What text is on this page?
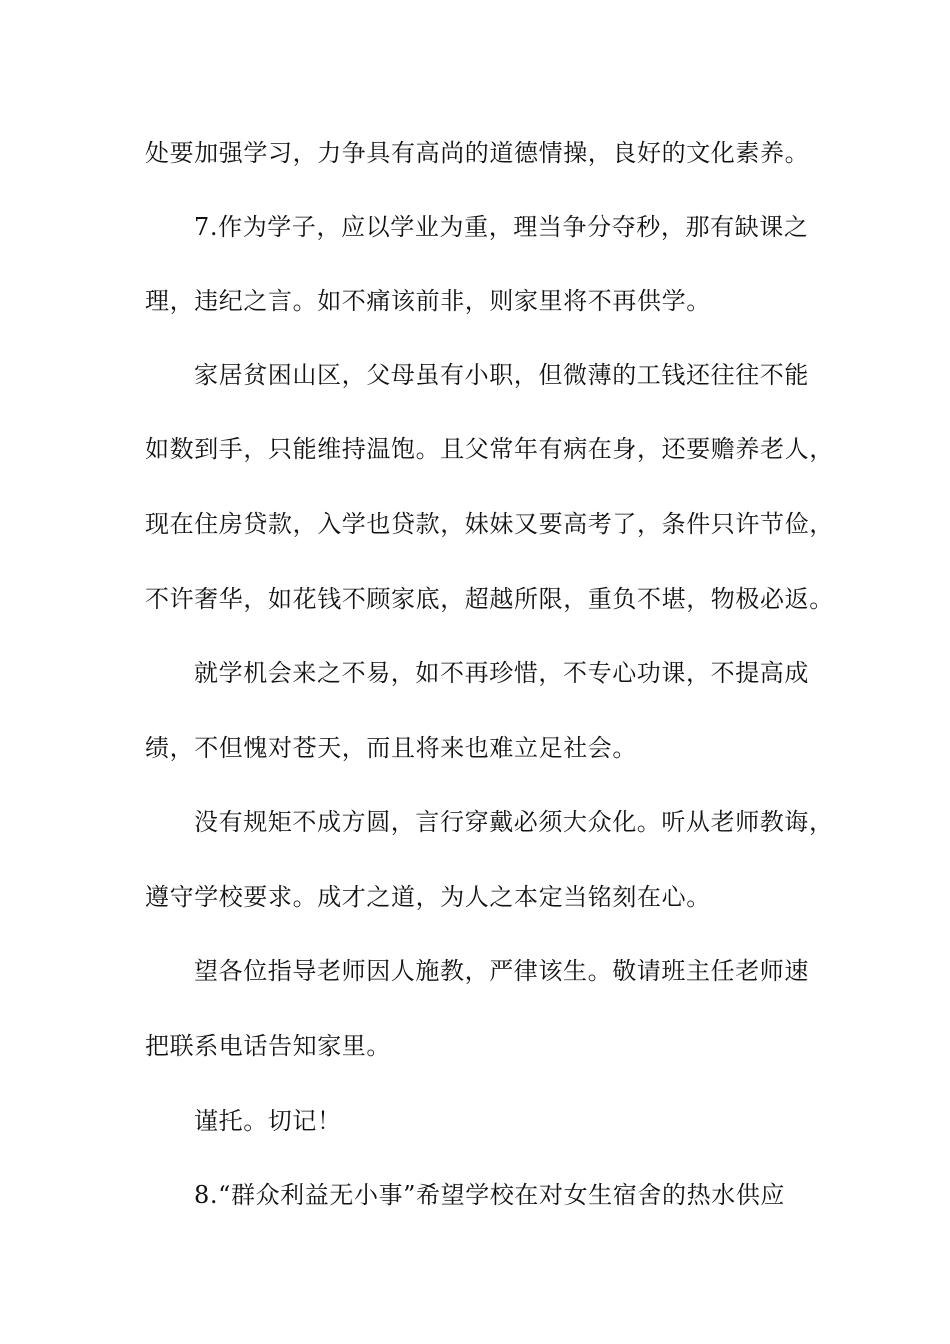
处要加强学习，力争具有高尚的道德情操，良好的文化素养。
7.作为学子，应以学业为重，理当争分夺秒，那有缺课之
理，违纪之言。如不痛该前非，则家里将不再供学。
家居贫困山区，父母虽有小职，但微薄的工钱还往往不能
如数到手，只能维持温饱。且父常年有病在身，还要赡养老人，
现在住房贷款，入学也贷款，妹妹又要高考了，条件只许节俭，
不许奢华，如花钱不顾家底，超越所限，重负不堪，物极必返。
就学机会来之不易，如不再珍惜，不专心功课，不提高成
绩，不但愧对苍天，而且将来也难立足社会。
没有规矩不成方圆，言行穿戴必须大众化。听从老师教诲，
遵守学校要求。成才之道，为人之本定当铭刻在心。
望各位指导老师因人施教，严律该生。敬请班主任老师速
把联系电话告知家里。
谨托。切记！
8.“群众利益无小事”希望学校在对女生宿舍的热水供应
